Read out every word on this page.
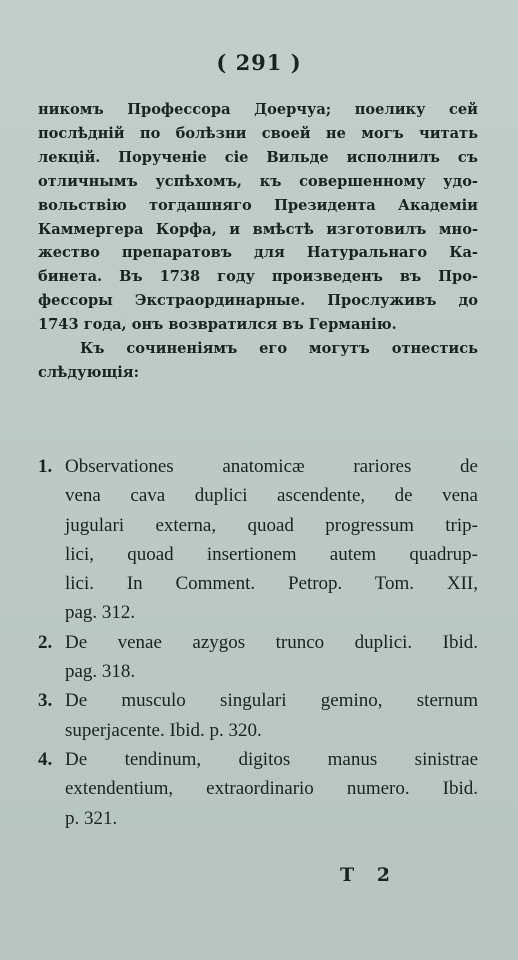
( 291 )
никомъ Профессора Доерчуа; поелику сей
послѣдній по болѣзни своей не могъ читать
лекцій. Порученіе сіе Вильде исполнилъ съ
отличнымъ успѣхомъ, къ совершенному удо-
вольствію тогдашняго Президента Академіи
Каммергера Корфа, и вмѣстѣ изготовилъ мно-
жество препаратовъ для Натуральнаго Ка-
бинета. Въ 1738 году произведенъ въ Про-
фессоры Экстраординарные. Прослуживъ до
1743 года, онъ возвратился въ Германію.
Къ сочиненіямъ его могутъ отнестись
слѣдующія:
1. Observationes anatomicæ rariores de
vena cava duplici ascendente, de vena
jugulari externa, quoad progressum trip-
lici, quoad insertionem autem quadrup-
lici. In Comment. Petrop. Tom. XII,
pag. 312.
2. De venae azygos trunco duplici. Ibid.
pag. 318.
3. De musculo singulari gemino, sternum
superjacente. Ibid. p. 320.
4. De tendinum, digitos manus sinistrae
extendentium, extraordinario numero. Ibid.
p. 321.
T 2
